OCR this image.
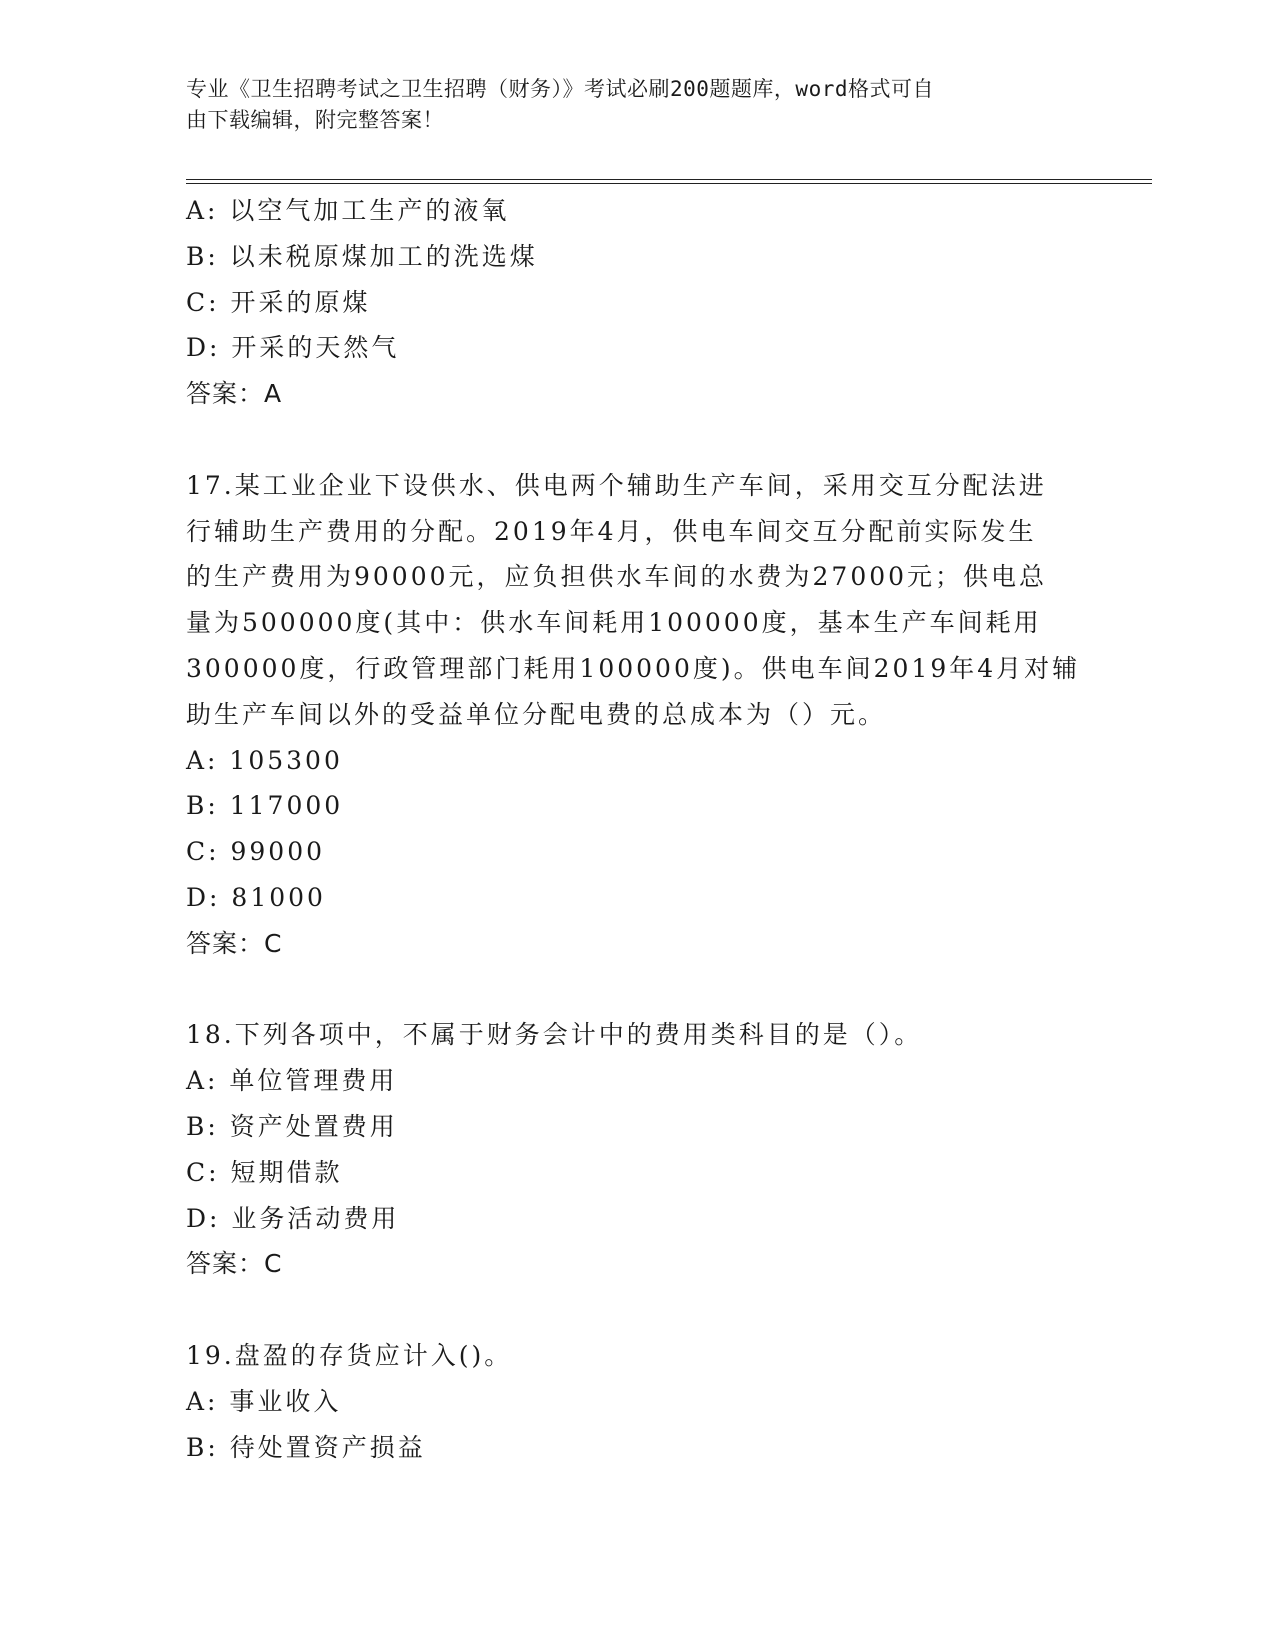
专业《卫生招聘考试之卫生招聘（财务）》考试必刷200题题库，word格式可自
由下载编辑，附完整答案！
A: 以空气加工生产的液氧
B: 以未税原煤加工的洗选煤
C: 开采的原煤
D: 开采的天然气
答案：A
17.某工业企业下设供水、供电两个辅助生产车间，采用交互分配法进
行辅助生产费用的分配。2019年4月，供电车间交互分配前实际发生
的生产费用为90000元，应负担供水车间的水费为27000元；供电总
量为500000度(其中：供水车间耗用100000度，基本生产车间耗用
300000度，行政管理部门耗用100000度)。供电车间2019年4月对辅
助生产车间以外的受益单位分配电费的总成本为（）元。
A: 105300
B: 117000
C: 99000
D: 81000
答案：C
18.下列各项中，不属于财务会计中的费用类科目的是（）。
A: 单位管理费用
B: 资产处置费用
C: 短期借款
D: 业务活动费用
答案：C
19.盘盈的存货应计入()。
A: 事业收入
B: 待处置资产损益
